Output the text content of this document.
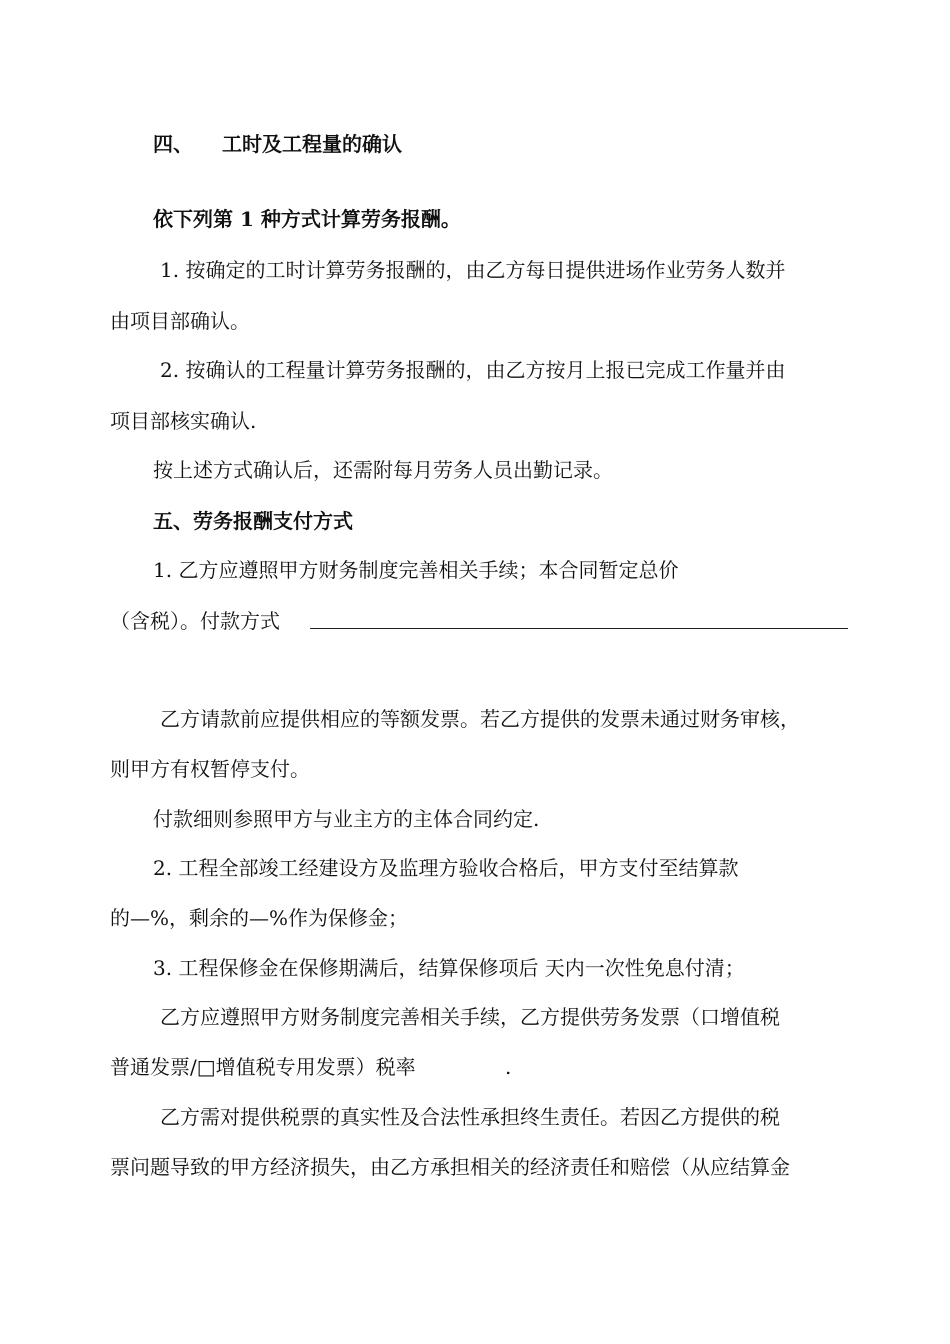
四、 工时及工程量的确认
依下列第 1 种方式计算劳务报酬。
1. 按确定的工时计算劳务报酬的，由乙方每日提供进场作业劳务人数并
由项目部确认。
2. 按确认的工程量计算劳务报酬的，由乙方按月上报已完成工作量并由
项目部核实确认.
按上述方式确认后，还需附每月劳务人员出勤记录。
五、劳务报酬支付方式
1. 乙方应遵照甲方财务制度完善相关手续；本合同暂定总价
（含税）。付款方式
乙方请款前应提供相应的等额发票。若乙方提供的发票未通过财务审核，
则甲方有权暂停支付。
付款细则参照甲方与业主方的主体合同约定.
2. 工程全部竣工经建设方及监理方验收合格后，甲方支付至结算款
的—%，剩余的—%作为保修金；
3. 工程保修金在保修期满后，结算保修项后 天内一次性免息付清；
乙方应遵照甲方财务制度完善相关手续，乙方提供劳务发票（口增值税
普通发票/□增值税专用发票）税率	.
乙方需对提供税票的真实性及合法性承担终生责任。若因乙方提供的税
票问题导致的甲方经济损失，由乙方承担相关的经济责任和赔偿（从应结算金
